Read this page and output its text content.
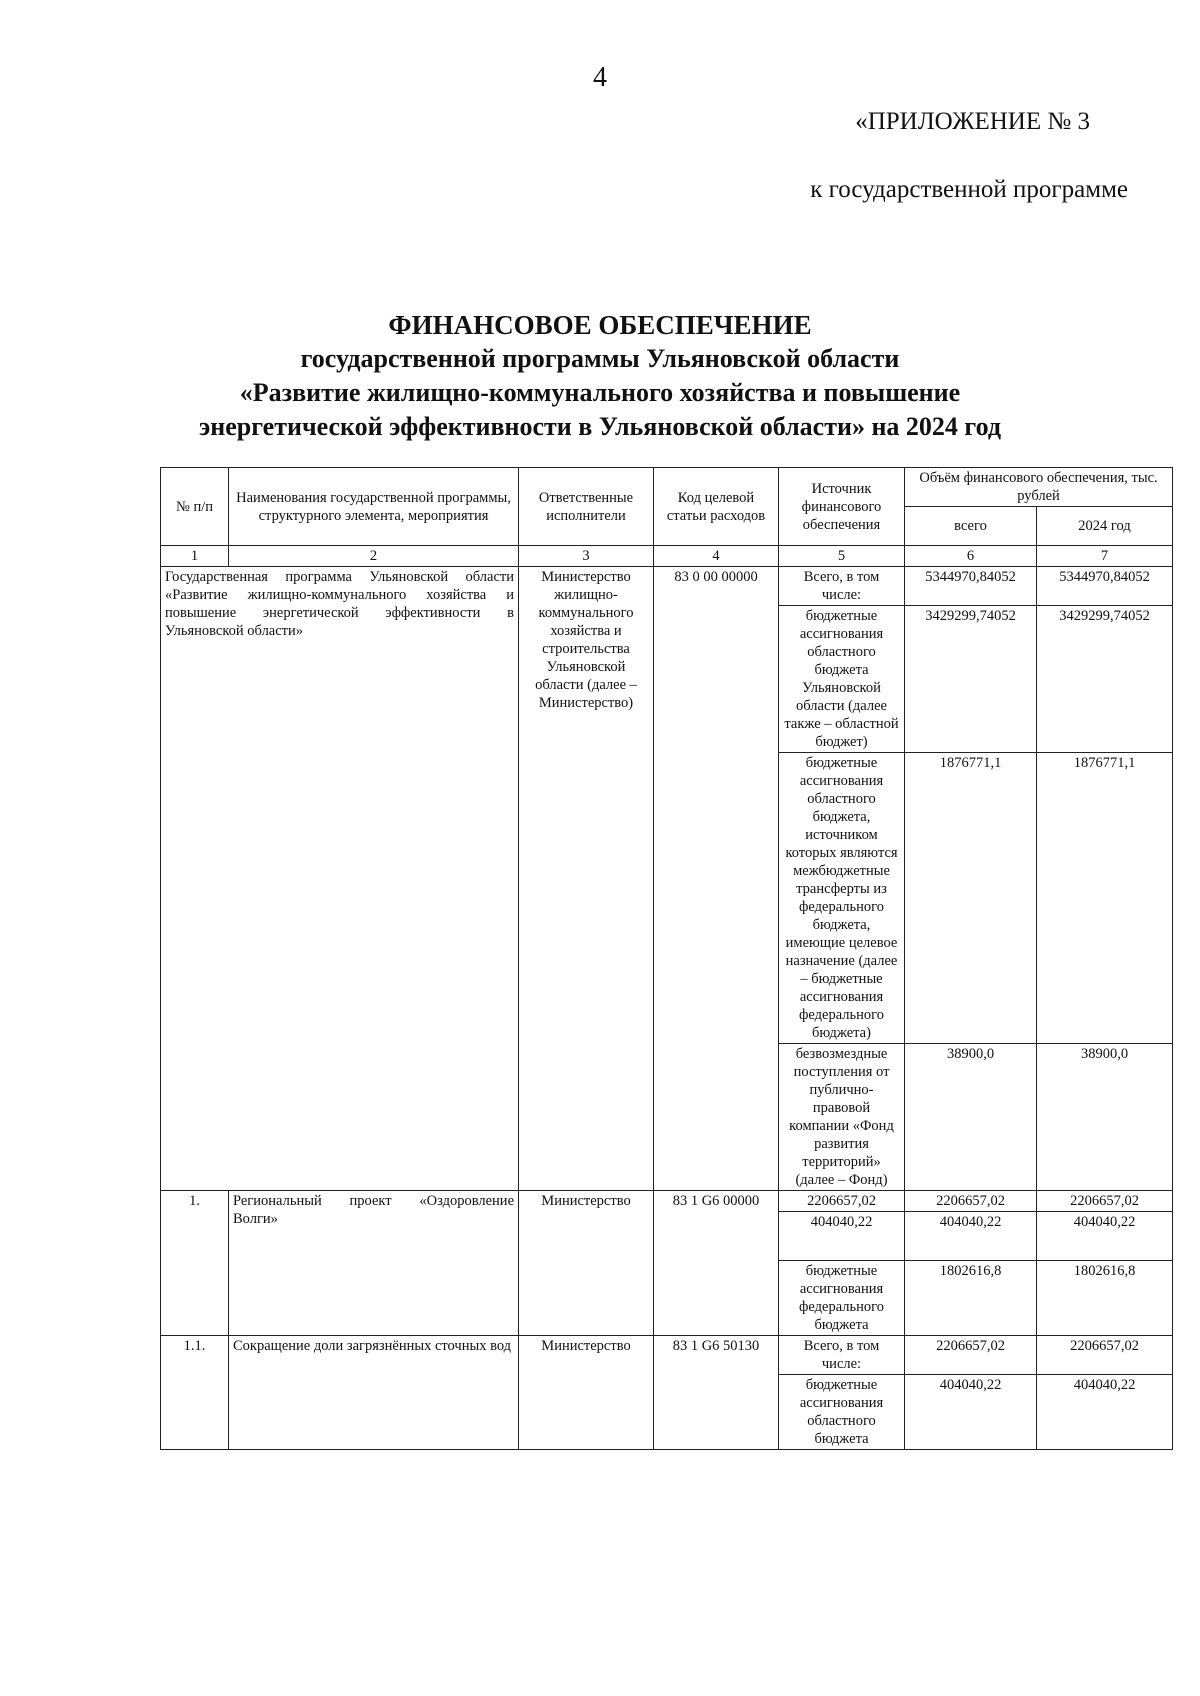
4
«ПРИЛОЖЕНИЕ № 3
к государственной программе
ФИНАНСОВОЕ ОБЕСПЕЧЕНИЕ
государственной программы Ульяновской области
«Развитие жилищно-коммунального хозяйства и повышение
энергетической эффективности в Ульяновской области» на 2024 год
№ п/п	Наименования государственной программы, структурного элемента, мероприятия	Ответственные исполнители	Код целевой статьи расходов	Источник финансового обеспечения	Объём финансового обеспечения, тыс. рублей	
					всего	2024 год
1	2	3	4	5	6	7
Государственная программа Ульяновской области «Развитие жилищно-коммунального хозяйства и повышение энергетической эффективности в Ульяновской области»		Министерство жилищно-коммунального хозяйства и строительства Ульяновской области (далее – Министерство)	83 0 00 00000	Всего, в том числе:	5344970,84052	5344970,84052
				бюджетные ассигнования областного бюджета Ульяновской области (далее также – областной бюджет)	3429299,74052	3429299,74052
				бюджетные ассигнования областного бюджета, источником которых являются межбюджетные трансферты из федерального бюджета, имеющие целевое назначение (далее – бюджетные ассигнования федерального бюджета)	1876771,1	1876771,1
				безвозмездные поступления от публично-правовой компании «Фонд развития территорий» (далее – Фонд)	38900,0	38900,0
1.	Региональный проект «Оздоровление Волги»	Министерство	83 1 G6 00000	2206657,02	2206657,02	2206657,02
				404040,22	404040,22	404040,22
				бюджетные ассигнования федерального бюджета	1802616,8	1802616,8
1.1.	Сокращение доли загрязнённых сточных вод	Министерство	83 1 G6 50130	Всего, в том числе:	2206657,02	2206657,02
				бюджетные ассигнования областного бюджета	404040,22	404040,22
